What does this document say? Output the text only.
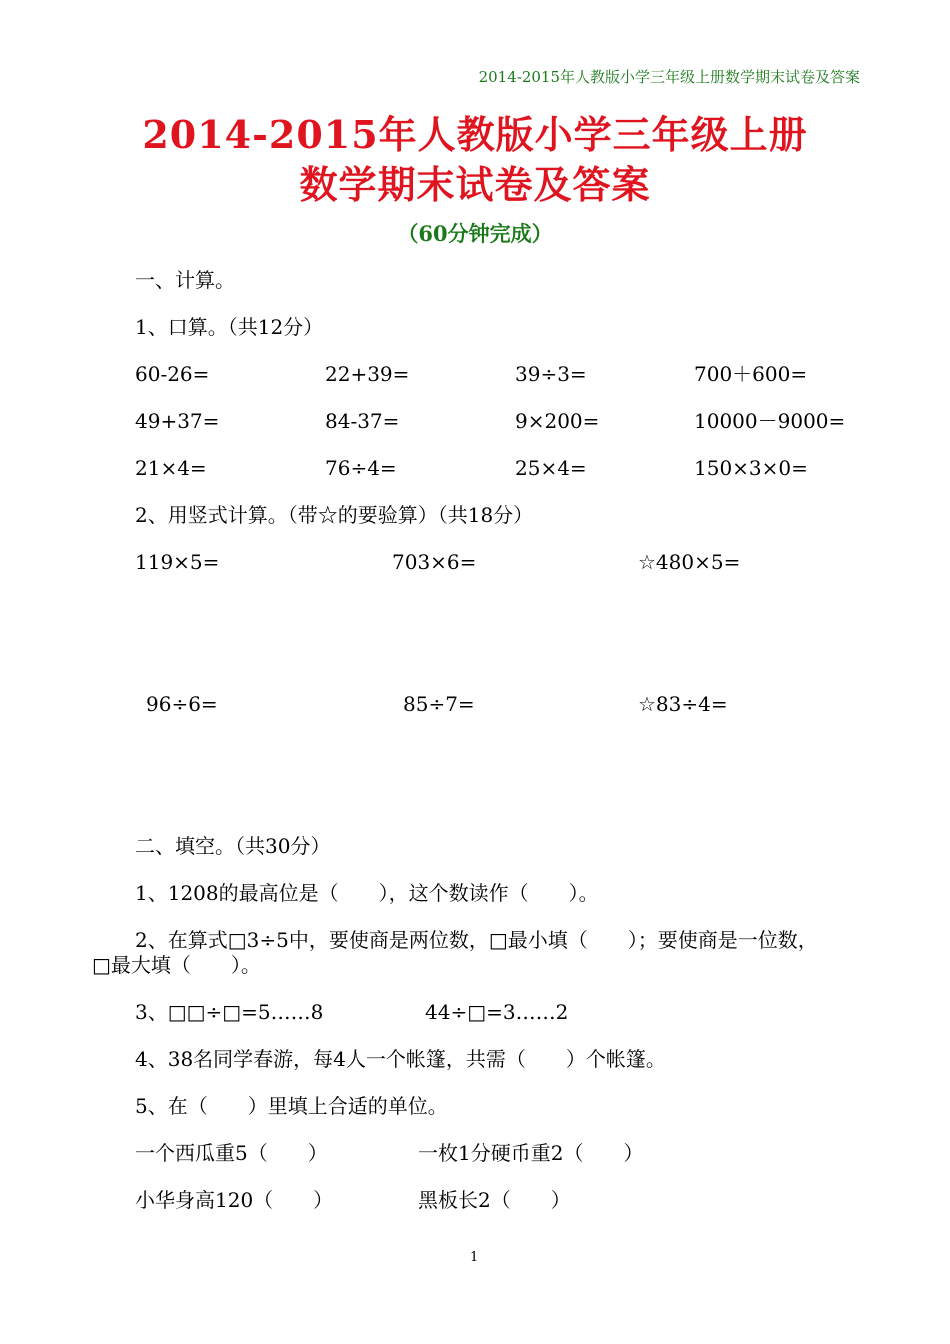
2014-2015年人教版小学三年级上册数学期末试卷及答案
2014-2015年人教版小学三年级上册
数学期末试卷及答案
（60分钟完成）
一、计算。
1、口算。（共12分）
60-26=	22+39=	39÷3=	700＋600=
49+37=	84-37=	9×200=	10000－9000=
21×4=	76÷4=	25×4=	150×3×0=
2、用竖式计算。（带☆的要验算）（共18分）
119×5=	703×6=	☆480×5=
96÷6=	85÷7=	☆83÷4=
二、填空。（共30分）
1、1208的最高位是（　　），这个数读作（　　）。
2、在算式□3÷5中，要使商是两位数，□最小填（　　）；要使商是一位数，
□最大填（　　）。
3、□□÷□=5……8	44÷□=3……2
4、38名同学春游，每4人一个帐篷，共需（　　）个帐篷。
5、在（　　）里填上合适的单位。
一个西瓜重5（　　）	一枚1分硬币重2（　　）
小华身高120（　　）	黑板长2（　　）
1
